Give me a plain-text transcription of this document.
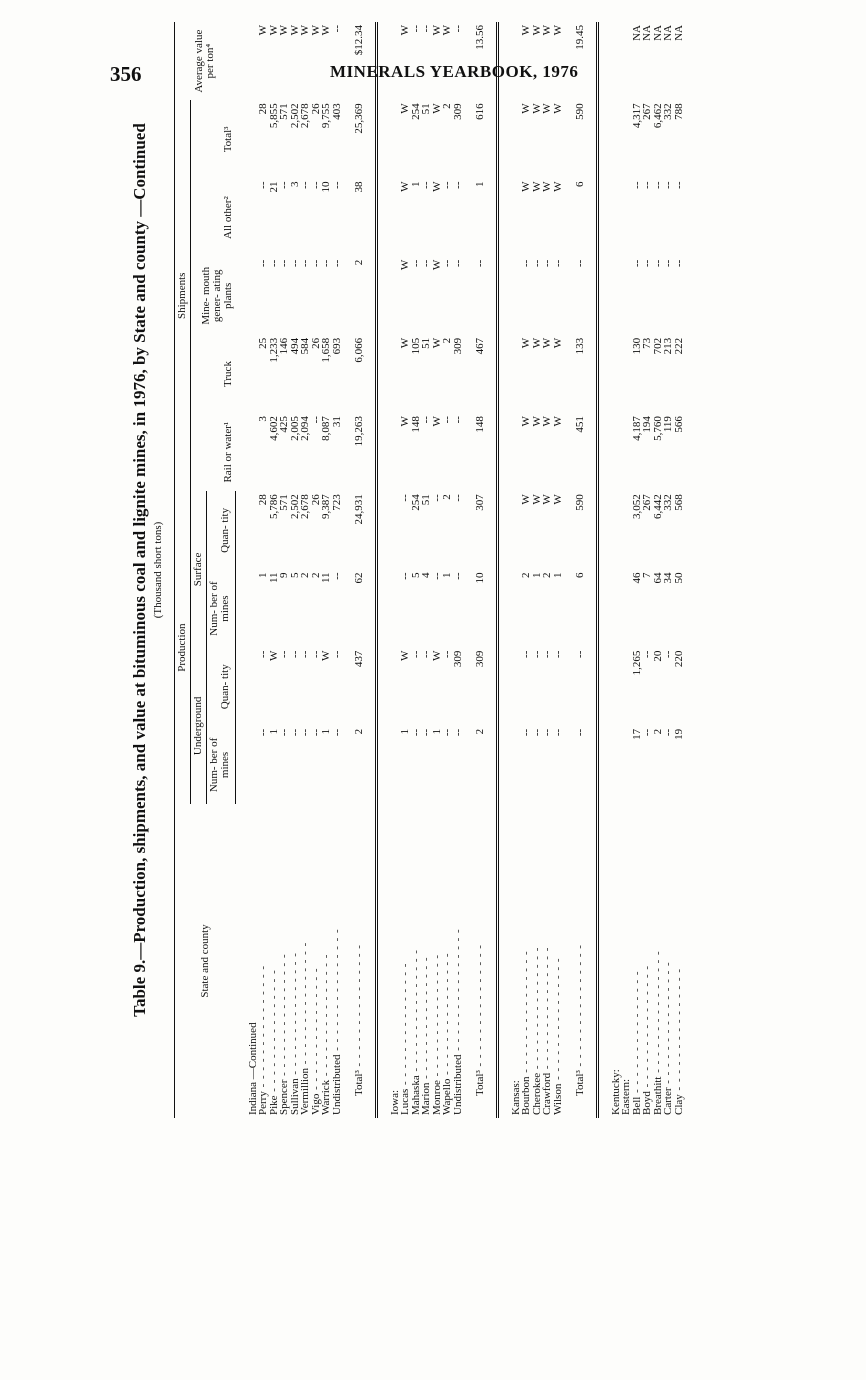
356	MINERALS YEARBOOK, 1976
Table 9.—Production, shipments, and value at bituminous coal and lignite mines, in 1976, by State and county —Continued (Thousand short tons)
State and county	Production				Shipments					Average value per ton⁴
	Underground		Surface		Rail or water¹	Truck	Mine- mouth gener- ating plants	All other²	Total³	
	Num- ber of mines	Quan- tity	Num- ber of mines	Quan- tity						
Indiana —Continued										
Perry - - - - - - - - - - - - - - -	--	--	1	28	3	25	--	--	28	W
Pike - - - - - - - - - - - - - - -	1	W	11	5,786	4,602	1,233	--	21	5,855	W
Spencer - - - - - - - - - - - - - - -	--	--	9	571	425	146	--	--	571	W
Sullivan - - - - - - - - - - - - - - -	--	--	5	2,502	2,005	494	--	3	2,502	W
Vermillion - - - - - - - - - - - - - - -	--	--	2	2,678	2,094	584	--	--	2,678	W
Vigo - - - - - - - - - - - - - - -	--	--	2	26	--	26	--	--	26	W
Warrick - - - - - - - - - - - - - - -	1	W	11	9,387	8,087	1,658	--	10	9,755	W
Undistributed - - - - - - - - - - - - - - -	--	--	--	723	31	693	--	--	403	--
Total³ - - - - - - - - - - - - - - -	2	437	62	24,931	19,263	6,066	2	38	25,369	$12.34
Iowa:										
Lucas - - - - - - - - - - - - - - -	1	W	--	--	W	W	W	W	W	W
Mahaska - - - - - - - - - - - - - - -	--	--	5	254	148	105	--	1	254	--
Marion - - - - - - - - - - - - - - -	--	--	4	51	--	51	--	--	51	--
Monroe - - - - - - - - - - - - - - -	1	W	--	--	W	W	W	W	W	W
Wapello - - - - - - - - - - - - - - -	--	--	1	2	--	2	--	--	2	W
Undistributed - - - - - - - - - - - - - - -	--	309	--	--	--	309	--	--	309	--
Total³ - - - - - - - - - - - - - - -	2	309	10	307	148	467	--	1	616	13.56
Kansas:										
Bourbon - - - - - - - - - - - - - - -	--	--	2	W	W	W	--	W	W	W
Cherokee - - - - - - - - - - - - - - -	--	--	1	W	W	W	--	W	W	W
Crawford - - - - - - - - - - - - - - -	--	--	2	W	W	W	--	W	W	W
Wilson - - - - - - - - - - - - - - -	--	--	1	W	W	W	--	W	W	W
Total³ - - - - - - - - - - - - - - -	--	--	6	590	451	133	--	6	590	19.45
Kentucky:										
Eastern:										
Bell - - - - - - - - - - - - - - -	17	1,265	46	3,052	4,187	130	--	--	4,317	NA
Boyd - - - - - - - - - - - - - - -	--	--	7	267	194	73	--	--	267	NA
Breathitt - - - - - - - - - - - - - - -	2	20	64	6,442	5,760	702	--	--	6,462	NA
Carter - - - - - - - - - - - - - - -	--	--	34	332	119	213	--	--	332	NA
Clay - - - - - - - - - - - - - - -	19	220	50	568	566	222	--	--	788	NA
